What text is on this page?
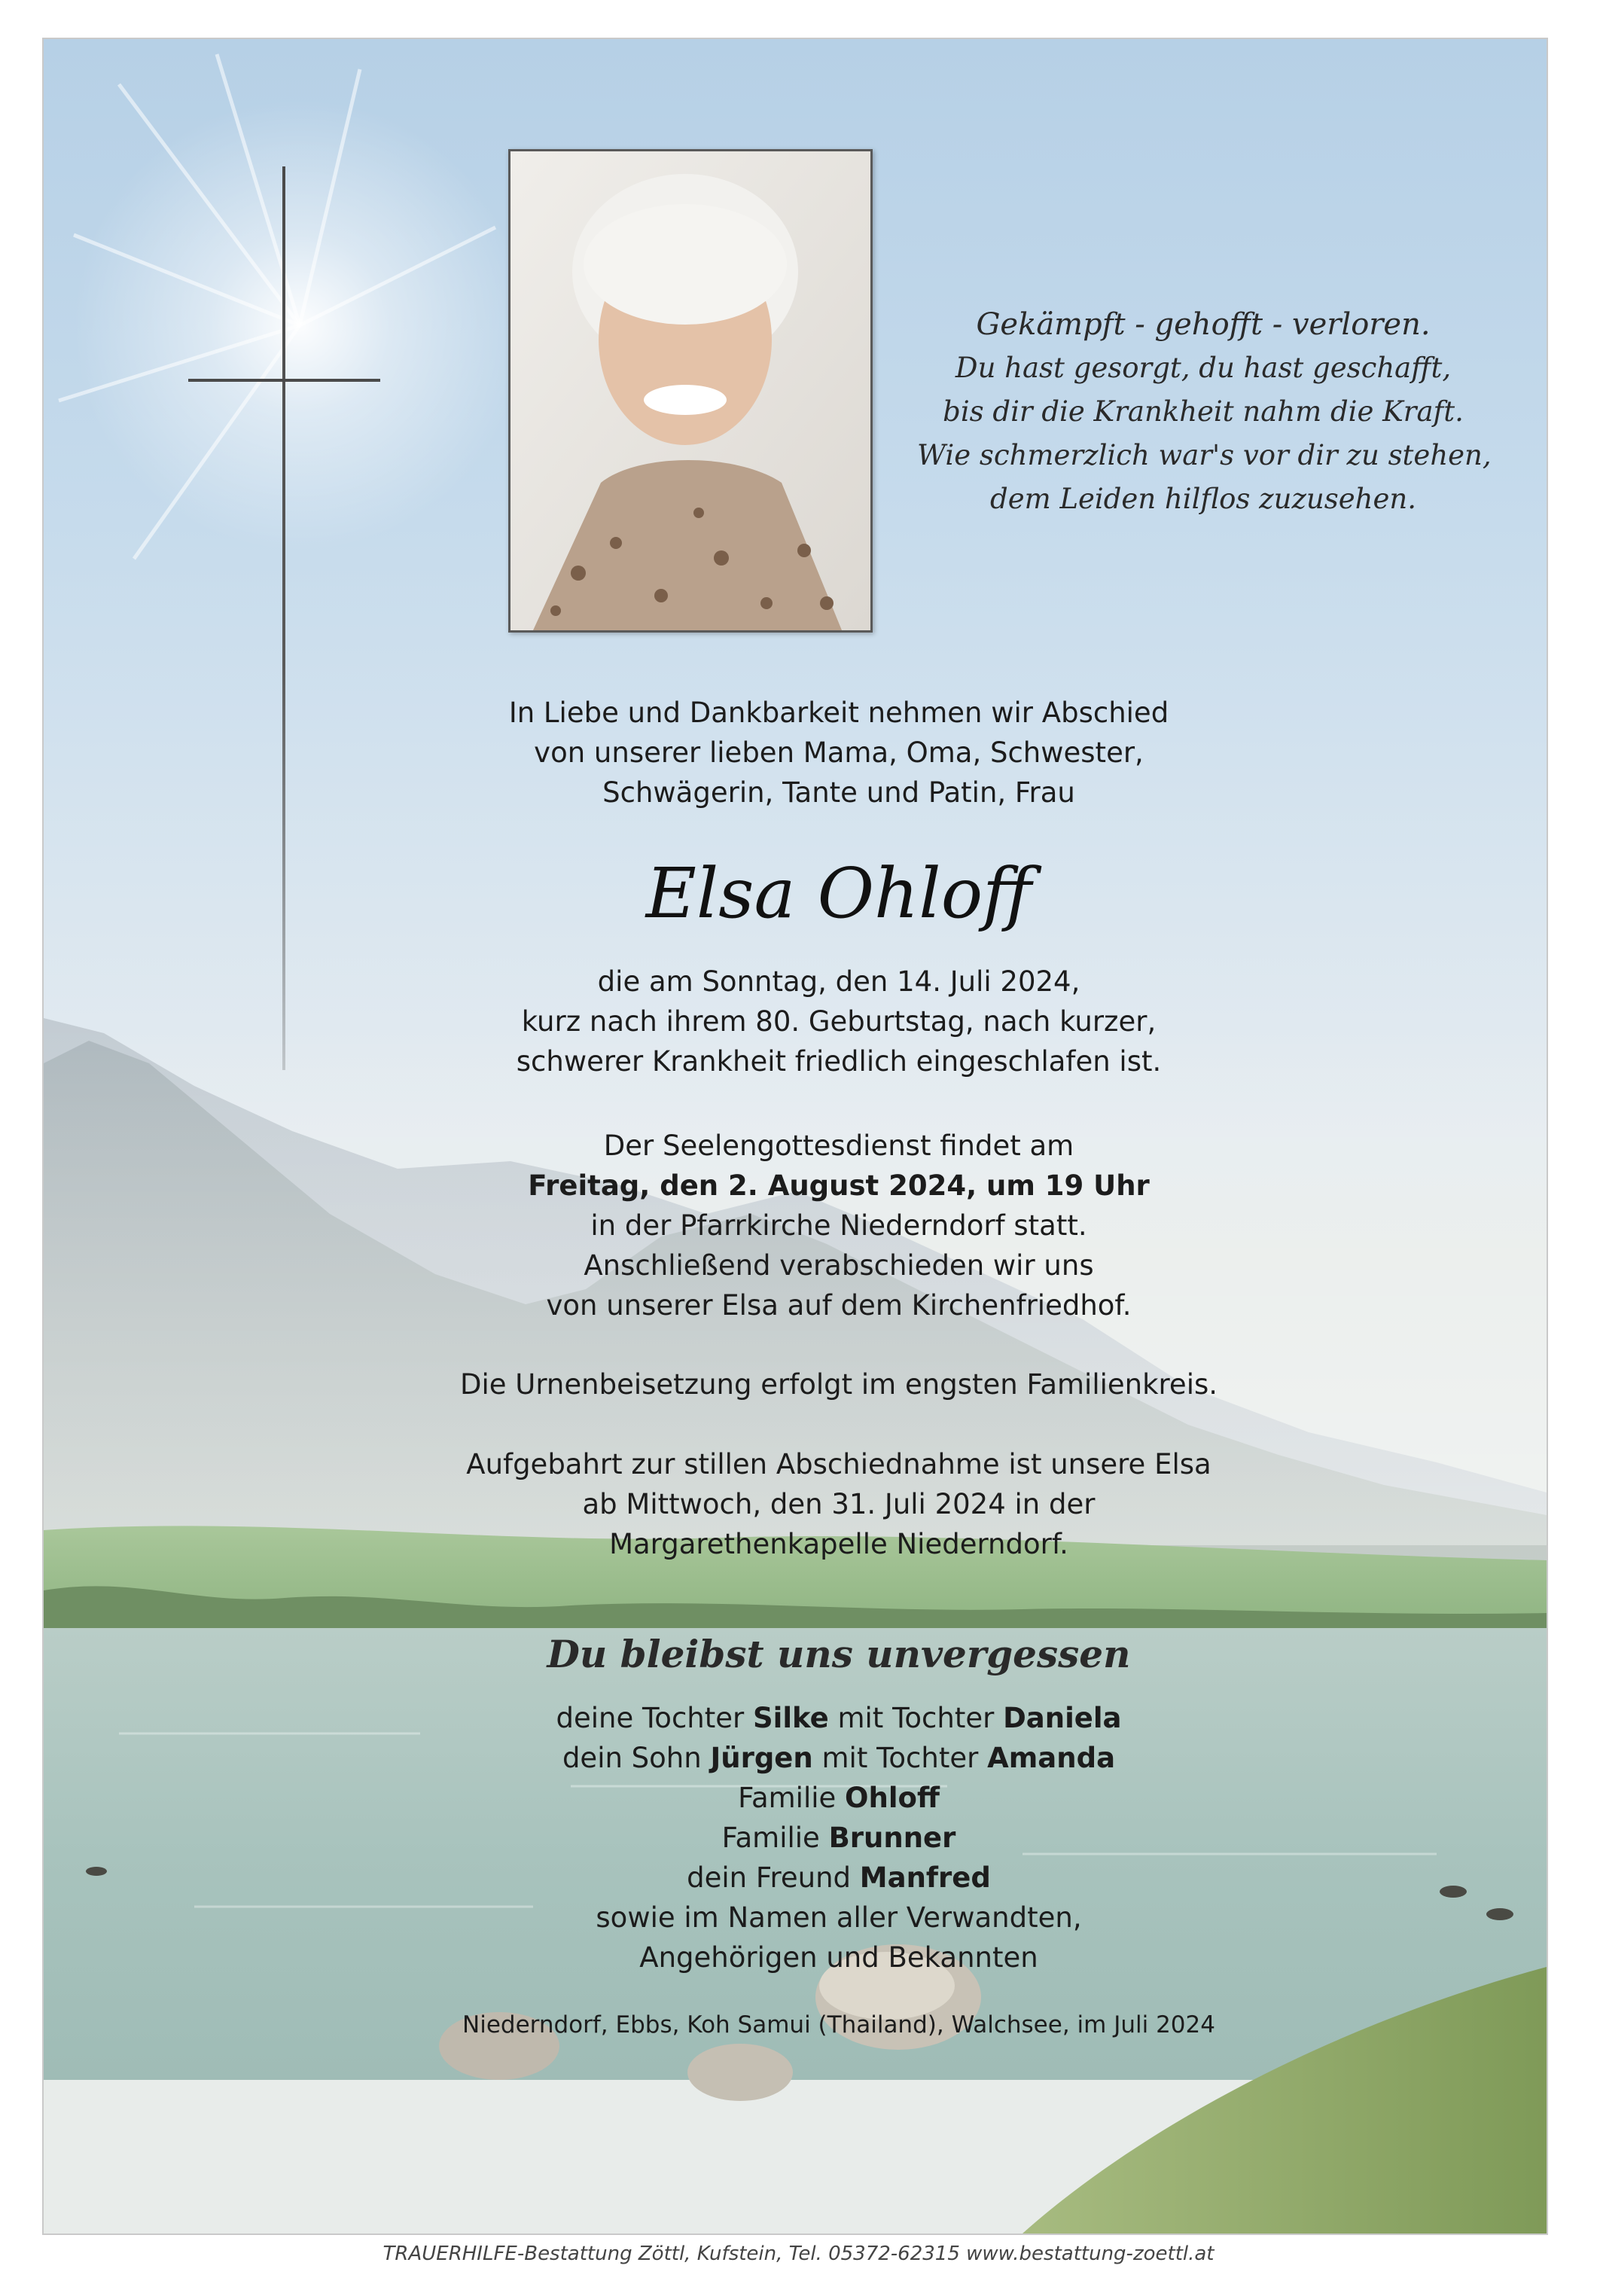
Gekämpft - gehofft - verloren.
Du hast gesorgt, du hast geschafft,
bis dir die Krankheit nahm die Kraft.
Wie schmerzlich war's vor dir zu stehen,
dem Leiden hilflos zuzusehen.
In Liebe und Dankbarkeit nehmen wir Abschied
von unserer lieben Mama, Oma, Schwester,
Schwägerin, Tante und Patin, Frau
Elsa Ohloff
die am Sonntag, den 14. Juli 2024,
kurz nach ihrem 80. Geburtstag, nach kurzer,
schwerer Krankheit friedlich eingeschlafen ist.
Der Seelengottesdienst findet am
Freitag, den 2. August 2024, um 19 Uhr
in der Pfarrkirche Niederndorf statt.
Anschließend verabschieden wir uns
von unserer Elsa auf dem Kirchenfriedhof.
Die Urnenbeisetzung erfolgt im engsten Familienkreis.
Aufgebahrt zur stillen Abschiednahme ist unsere Elsa
ab Mittwoch, den 31. Juli 2024 in der
Margarethenkapelle Niederndorf.
Du bleibst uns unvergessen
deine Tochter Silke mit Tochter Daniela
dein Sohn Jürgen mit Tochter Amanda
Familie Ohloff
Familie Brunner
dein Freund Manfred
sowie im Namen aller Verwandten,
Angehörigen und Bekannten
Niederndorf, Ebbs, Koh Samui (Thailand), Walchsee, im Juli 2024
TRAUERHILFE-Bestattung Zöttl, Kufstein, Tel. 05372-62315 www.bestattung-zoettl.at
